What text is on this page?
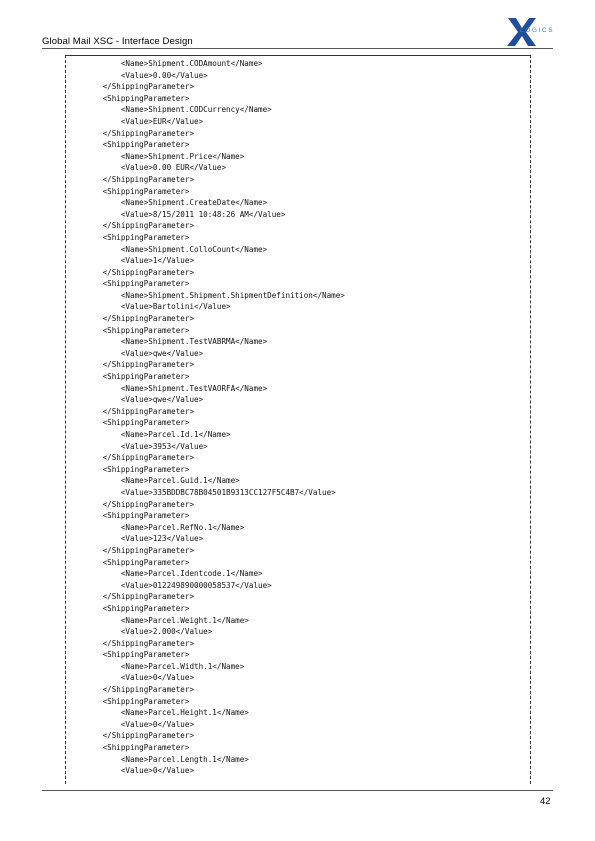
Global Mail XSC - Interface Design
LOGICS
<Name>Shipment.CODAmount</Name>
<Value>0.00</Value>
</ShippingParameter>
<ShippingParameter>
<Name>Shipment.CODCurrency</Name>
<Value>EUR</Value>
</ShippingParameter>
<ShippingParameter>
<Name>Shipment.Price</Name>
<Value>0.00 EUR</Value>
</ShippingParameter>
<ShippingParameter>
<Name>Shipment.CreateDate</Name>
<Value>8/15/2011 10:48:26 AM</Value>
</ShippingParameter>
<ShippingParameter>
<Name>Shipment.ColloCount</Name>
<Value>1</Value>
</ShippingParameter>
<ShippingParameter>
<Name>Shipment.Shipment.ShipmentDefinition</Name>
<Value>Bartolini</Value>
</ShippingParameter>
<ShippingParameter>
<Name>Shipment.TestVABRMA</Name>
<Value>qwe</Value>
</ShippingParameter>
<ShippingParameter>
<Name>Shipment.TestVAORFA</Name>
<Value>qwe</Value>
</ShippingParameter>
<ShippingParameter>
<Name>Parcel.Id.1</Name>
<Value>3953</Value>
</ShippingParameter>
<ShippingParameter>
<Name>Parcel.Guid.1</Name>
<Value>335BDDBC78B04501B9313CC127F5C4B7</Value>
</ShippingParameter>
<ShippingParameter>
<Name>Parcel.RefNo.1</Name>
<Value>123</Value>
</ShippingParameter>
<ShippingParameter>
<Name>Parcel.Identcode.1</Name>
<Value>012249890000058537</Value>
</ShippingParameter>
<ShippingParameter>
<Name>Parcel.Weight.1</Name>
<Value>2.000</Value>
</ShippingParameter>
<ShippingParameter>
<Name>Parcel.Width.1</Name>
<Value>0</Value>
</ShippingParameter>
<ShippingParameter>
<Name>Parcel.Height.1</Name>
<Value>0</Value>
</ShippingParameter>
<ShippingParameter>
<Name>Parcel.Length.1</Name>
<Value>0</Value>
42
